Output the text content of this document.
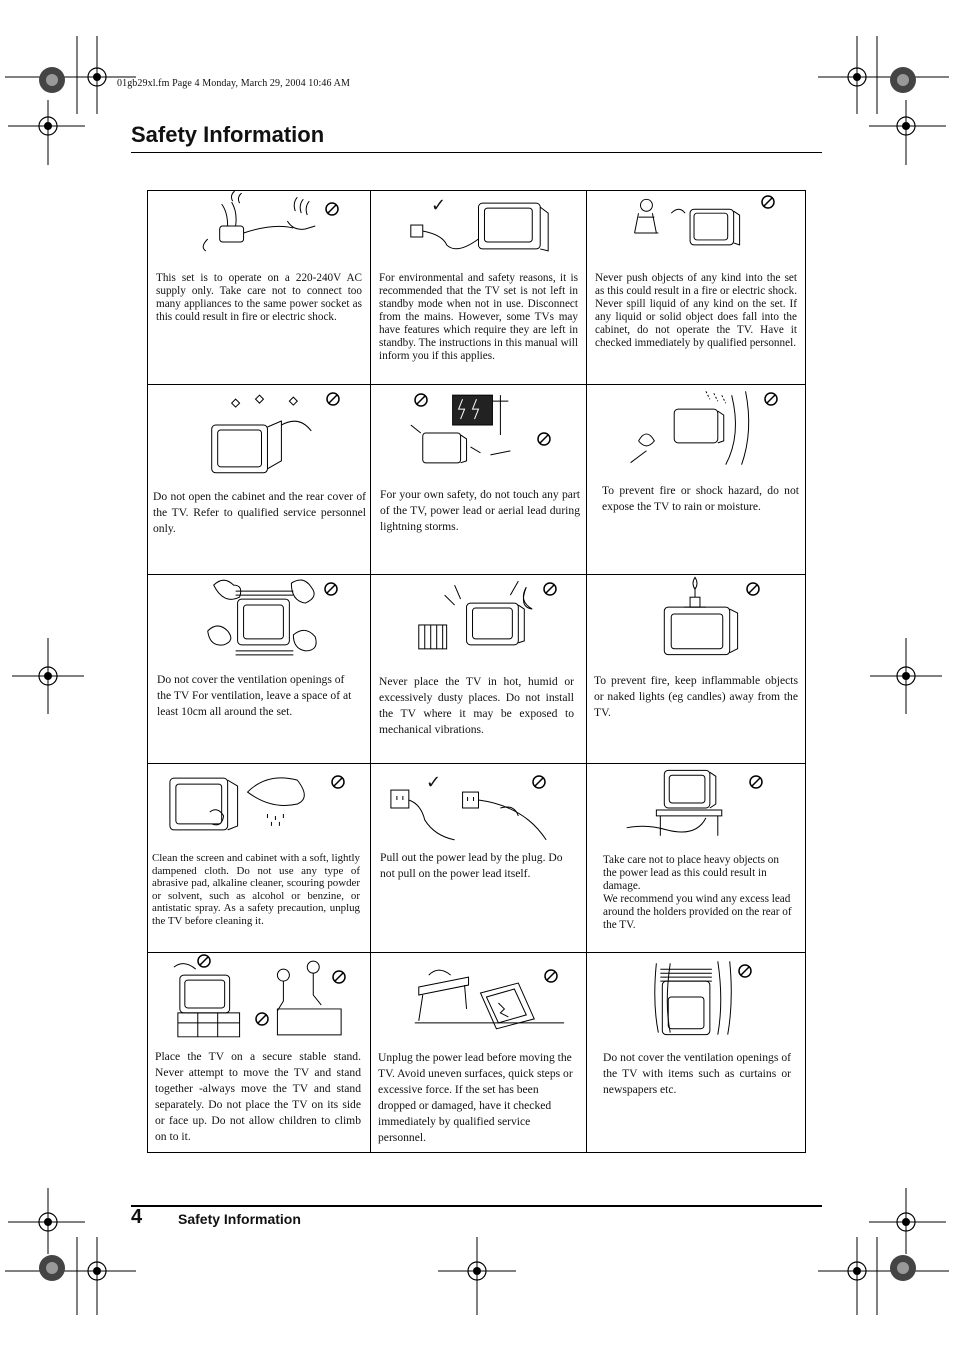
01gb29xl.fm Page 4 Monday, March 29, 2004 10:46 AM
Safety Information
This set is to operate on a 220-240V AC supply only. Take care not to connect too many appliances to the same power socket as this could result in fire or electric shock.
✓
For environmental and safety reasons, it is recommended that the TV set is not left in standby mode when not in use. Disconnect from the mains. However, some TVs may have features which require they are left in standby. The instructions in this manual will inform you if this applies.
Never push objects of any kind into the set as this could result in a fire or electric shock. Never spill liquid of any kind on the set. If any liquid or solid object does fall into the cabinet, do not operate the TV. Have it checked immediately by qualified personnel.
Do not open the cabinet and the rear cover of the TV. Refer to qualified service personnel only.
For your own safety, do not touch any part of the TV, power lead or aerial lead during lightning storms.
To prevent fire or shock hazard, do not expose the TV to rain or moisture.
Do not cover the ventilation openings of the TV For ventilation, leave a space of at least 10cm all around the set.
Never place the TV in hot, humid or excessively dusty places. Do not install the TV where it may be exposed to mechanical vibrations.
To prevent fire, keep inflammable objects or naked lights (eg candles) away from the TV.
Clean the screen and cabinet with a soft, lightly dampened cloth. Do not use any type of abrasive pad, alkaline cleaner, scouring powder or solvent, such as alcohol or benzine, or antistatic spray. As a safety precaution, unplug the TV before cleaning it.
✓
Pull out the power lead by the plug. Do not pull on the power lead itself.
Take care not to place heavy objects on the power lead as this could result in damage.
We recommend you wind any excess lead around the holders provided on the rear of the TV.
Place the TV on a secure stable stand. Never attempt to move the TV and stand together -always move the TV and stand separately. Do not place the TV on its side or face up. Do not allow children to climb on to it.
Unplug the power lead before moving the TV. Avoid uneven surfaces, quick steps or excessive force. If the set has been dropped or damaged, have it checked immediately by qualified service personnel.
Do not cover the ventilation openings of the TV with items such as curtains or newspapers etc.
4	Safety Information
